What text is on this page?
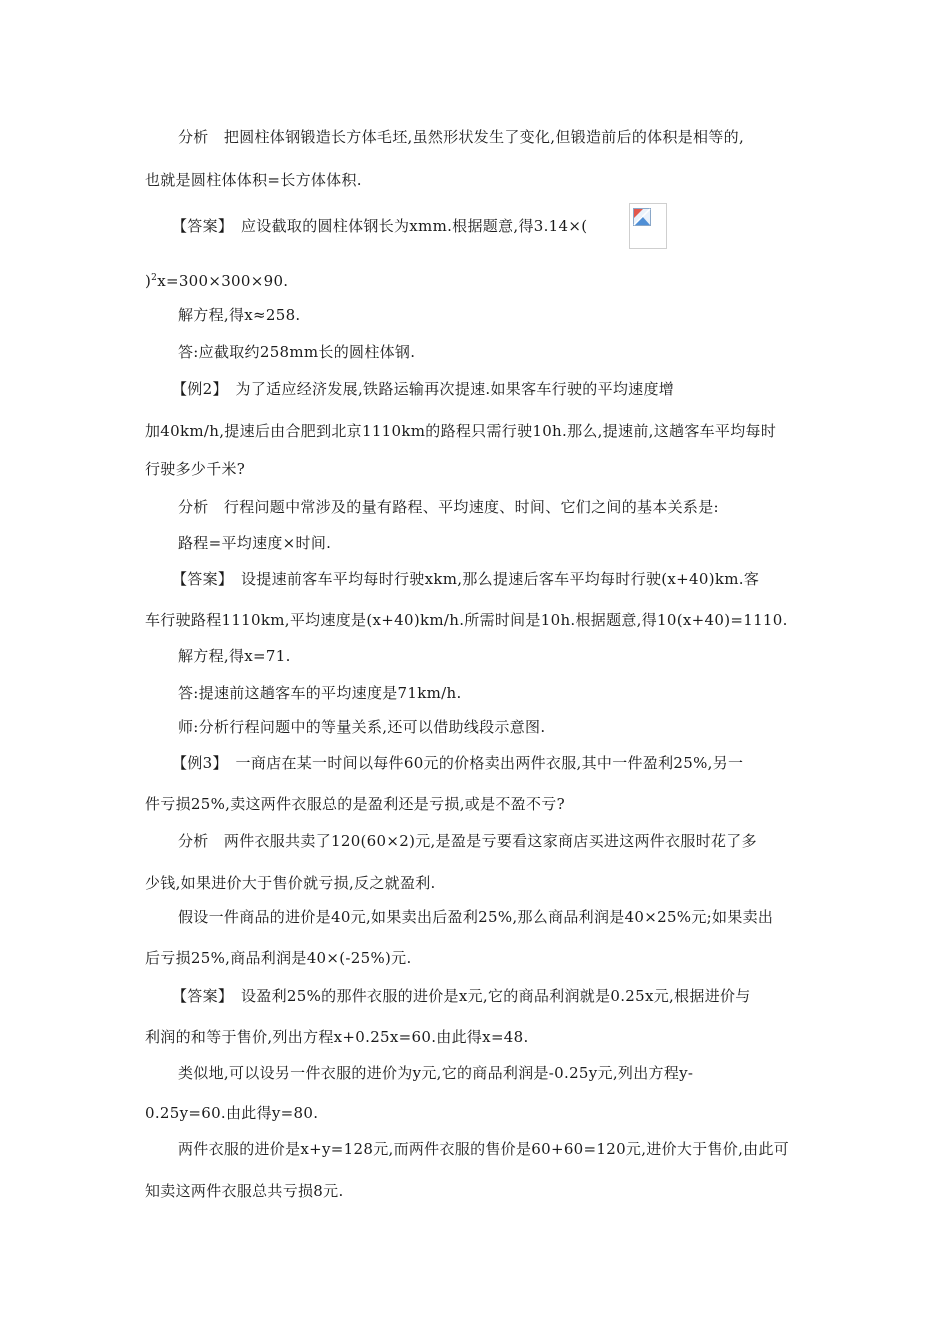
分析　把圆柱体钢锻造长方体毛坯,虽然形状发生了变化,但锻造前后的体积是相等的,
也就是圆柱体体积=长方体体积.
【答案】　应设截取的圆柱体钢长为xmm.根据题意,得3.14×(
)$^2$x=300×300×90.
解方程,得x≈258.
答:应截取约258mm长的圆柱体钢.
【例2】　为了适应经济发展,铁路运输再次提速.如果客车行驶的平均速度增
加40km/h,提速后由合肥到北京1110km的路程只需行驶10h.那么,提速前,这趟客车平均每时
行驶多少千米?
分析　行程问题中常涉及的量有路程、平均速度、时间、它们之间的基本关系是:
路程=平均速度×时间.
【答案】　设提速前客车平均每时行驶xkm,那么提速后客车平均每时行驶(x+40)km.客
车行驶路程1110km,平均速度是(x+40)km/h.所需时间是10h.根据题意,得10(x+40)=1110.
解方程,得x=71.
答:提速前这趟客车的平均速度是71km/h.
师:分析行程问题中的等量关系,还可以借助线段示意图.
【例3】　一商店在某一时间以每件60元的价格卖出两件衣服,其中一件盈利25%,另一
件亏损25%,卖这两件衣服总的是盈利还是亏损,或是不盈不亏?
分析　两件衣服共卖了120(60×2)元,是盈是亏要看这家商店买进这两件衣服时花了多
少钱,如果进价大于售价就亏损,反之就盈利.
假设一件商品的进价是40元,如果卖出后盈利25%,那么商品利润是40×25%元;如果卖出
后亏损25%,商品利润是40×(-25%)元.
【答案】　设盈利25%的那件衣服的进价是x元,它的商品利润就是0.25x元,根据进价与
利润的和等于售价,列出方程x+0.25x=60.由此得x=48.
类似地,可以设另一件衣服的进价为y元,它的商品利润是-0.25y元,列出方程y-
0.25y=60.由此得y=80.
两件衣服的进价是x+y=128元,而两件衣服的售价是60+60=120元,进价大于售价,由此可
知卖这两件衣服总共亏损8元.
